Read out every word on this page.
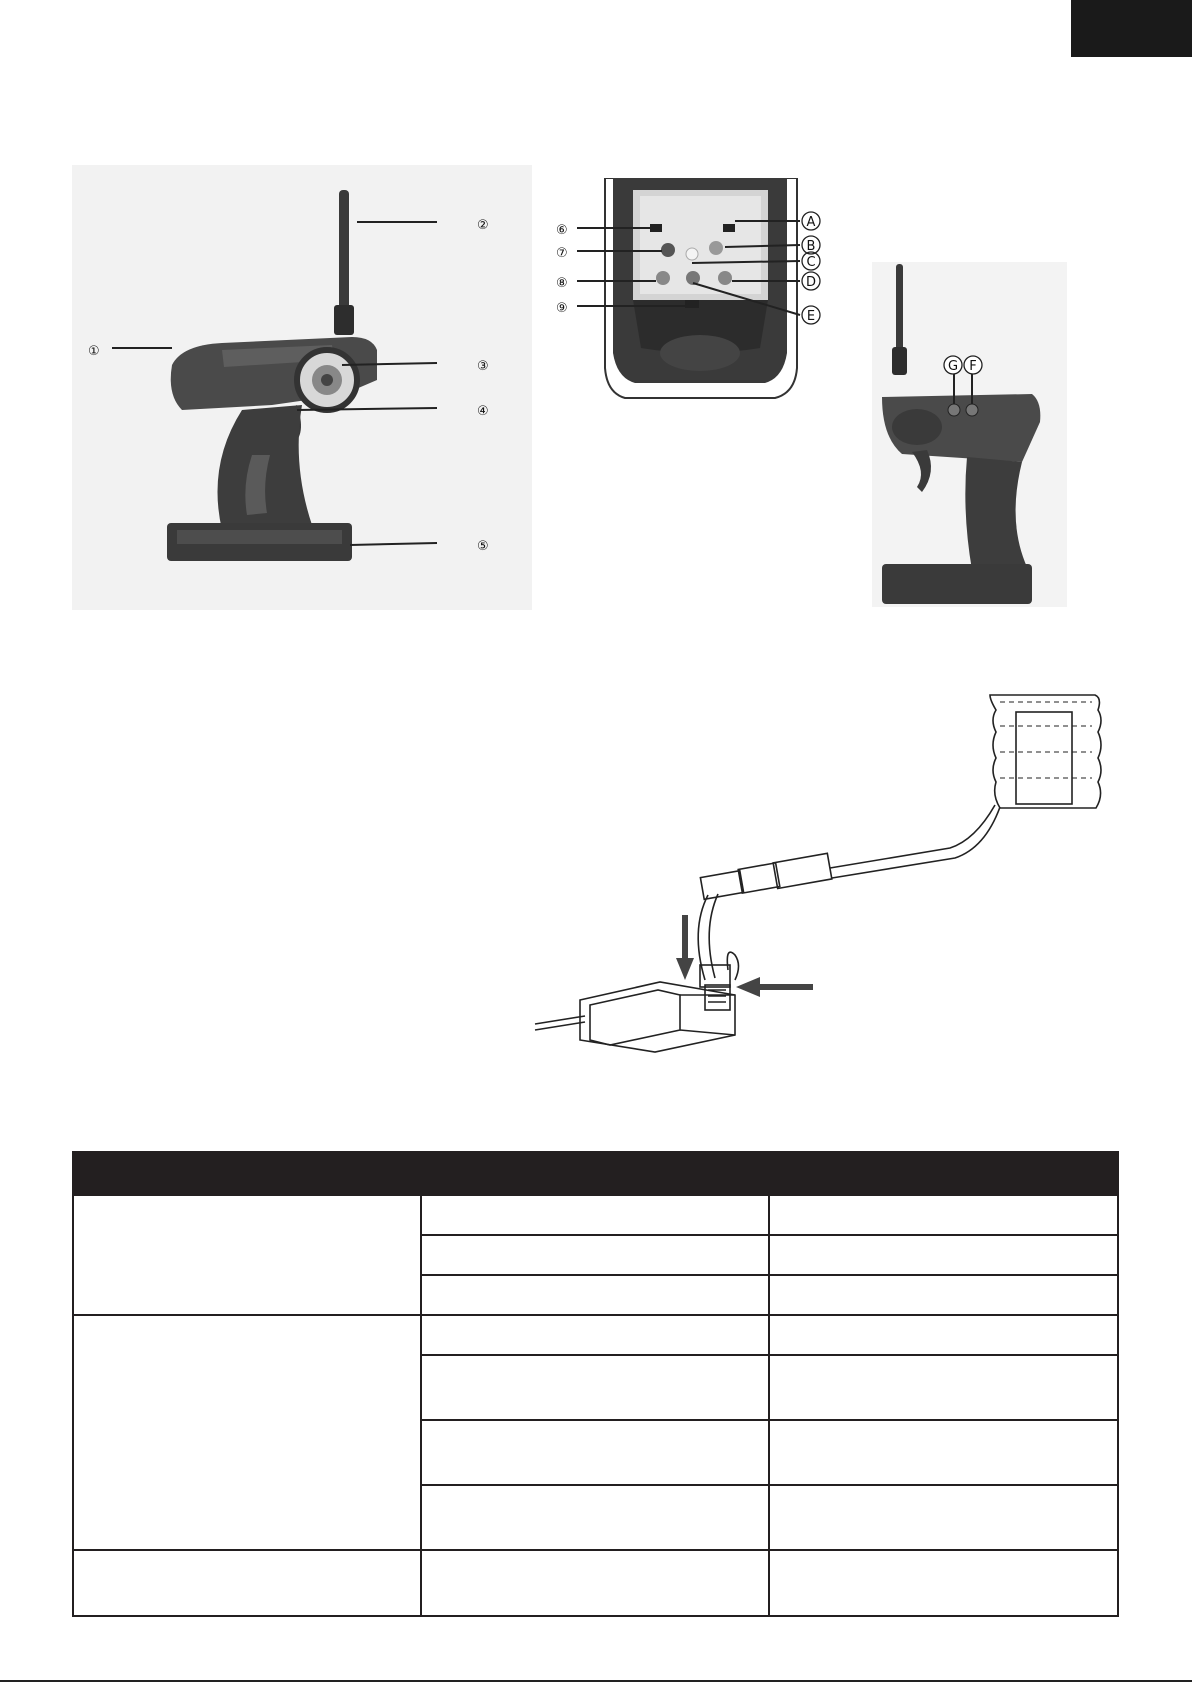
①
②
③
④
⑤
⑥
⑦
⑧
⑨
A
B
C
D
E
G F
